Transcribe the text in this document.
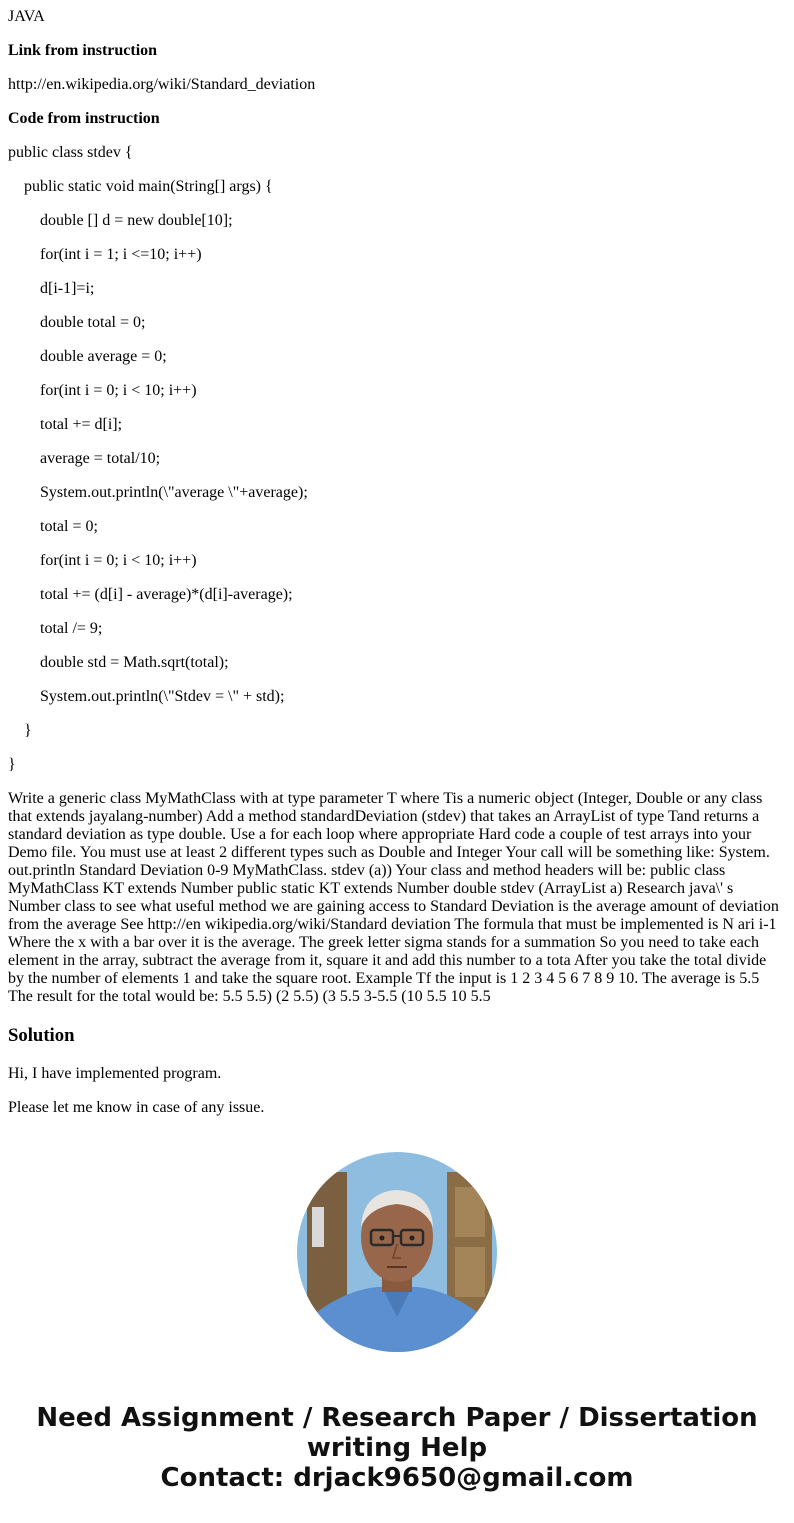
JAVA
Link from instruction
http://en.wikipedia.org/wiki/Standard_deviation
Code from instruction
public class stdev {
public static void main(String[] args) {
double [] d = new double[10];
for(int i = 1; i <=10; i++)
d[i-1]=i;
double total = 0;
double average = 0;
for(int i = 0; i < 10; i++)
total += d[i];
average = total/10;
System.out.println(\"average \"+average);
total = 0;
for(int i = 0; i < 10; i++)
total += (d[i] - average)*(d[i]-average);
total /= 9;
double std = Math.sqrt(total);
System.out.println(\"Stdev = \" + std);
}
}
Write a generic class MyMathClass with at type parameter T where Tis a numeric object (Integer, Double or any class that extends jayalang-number) Add a method standardDeviation (stdev) that takes an ArrayList of type Tand returns a standard deviation as type double. Use a for each loop where appropriate Hard code a couple of test arrays into your Demo file. You must use at least 2 different types such as Double and Integer Your call will be something like: System. out.println Standard Deviation 0-9 MyMathClass. stdev (a)) Your class and method headers will be: public class MyMathClass KT extends Number public static KT extends Number double stdev (ArrayList a) Research java\' s Number class to see what useful method we are gaining access to Standard Deviation is the average amount of deviation from the average See http://en wikipedia.org/wiki/Standard deviation The formula that must be implemented is N ari i-1 Where the x with a bar over it is the average. The greek letter sigma stands for a summation So you need to take each element in the array, subtract the average from it, square it and add this number to a tota After you take the total divide by the number of elements 1 and take the square root. Example Tf the input is 1 2 3 4 5 6 7 8 9 10. The average is 5.5 The result for the total would be: 5.5 5.5) (2 5.5) (3 5.5 3-5.5 (10 5.5 10 5.5
Solution
Hi, I have implemented program.
Please let me know in case of any issue.
Need Assignment / Research Paper / Dissertation
writing Help
Contact: drjack9650@gmail.com
